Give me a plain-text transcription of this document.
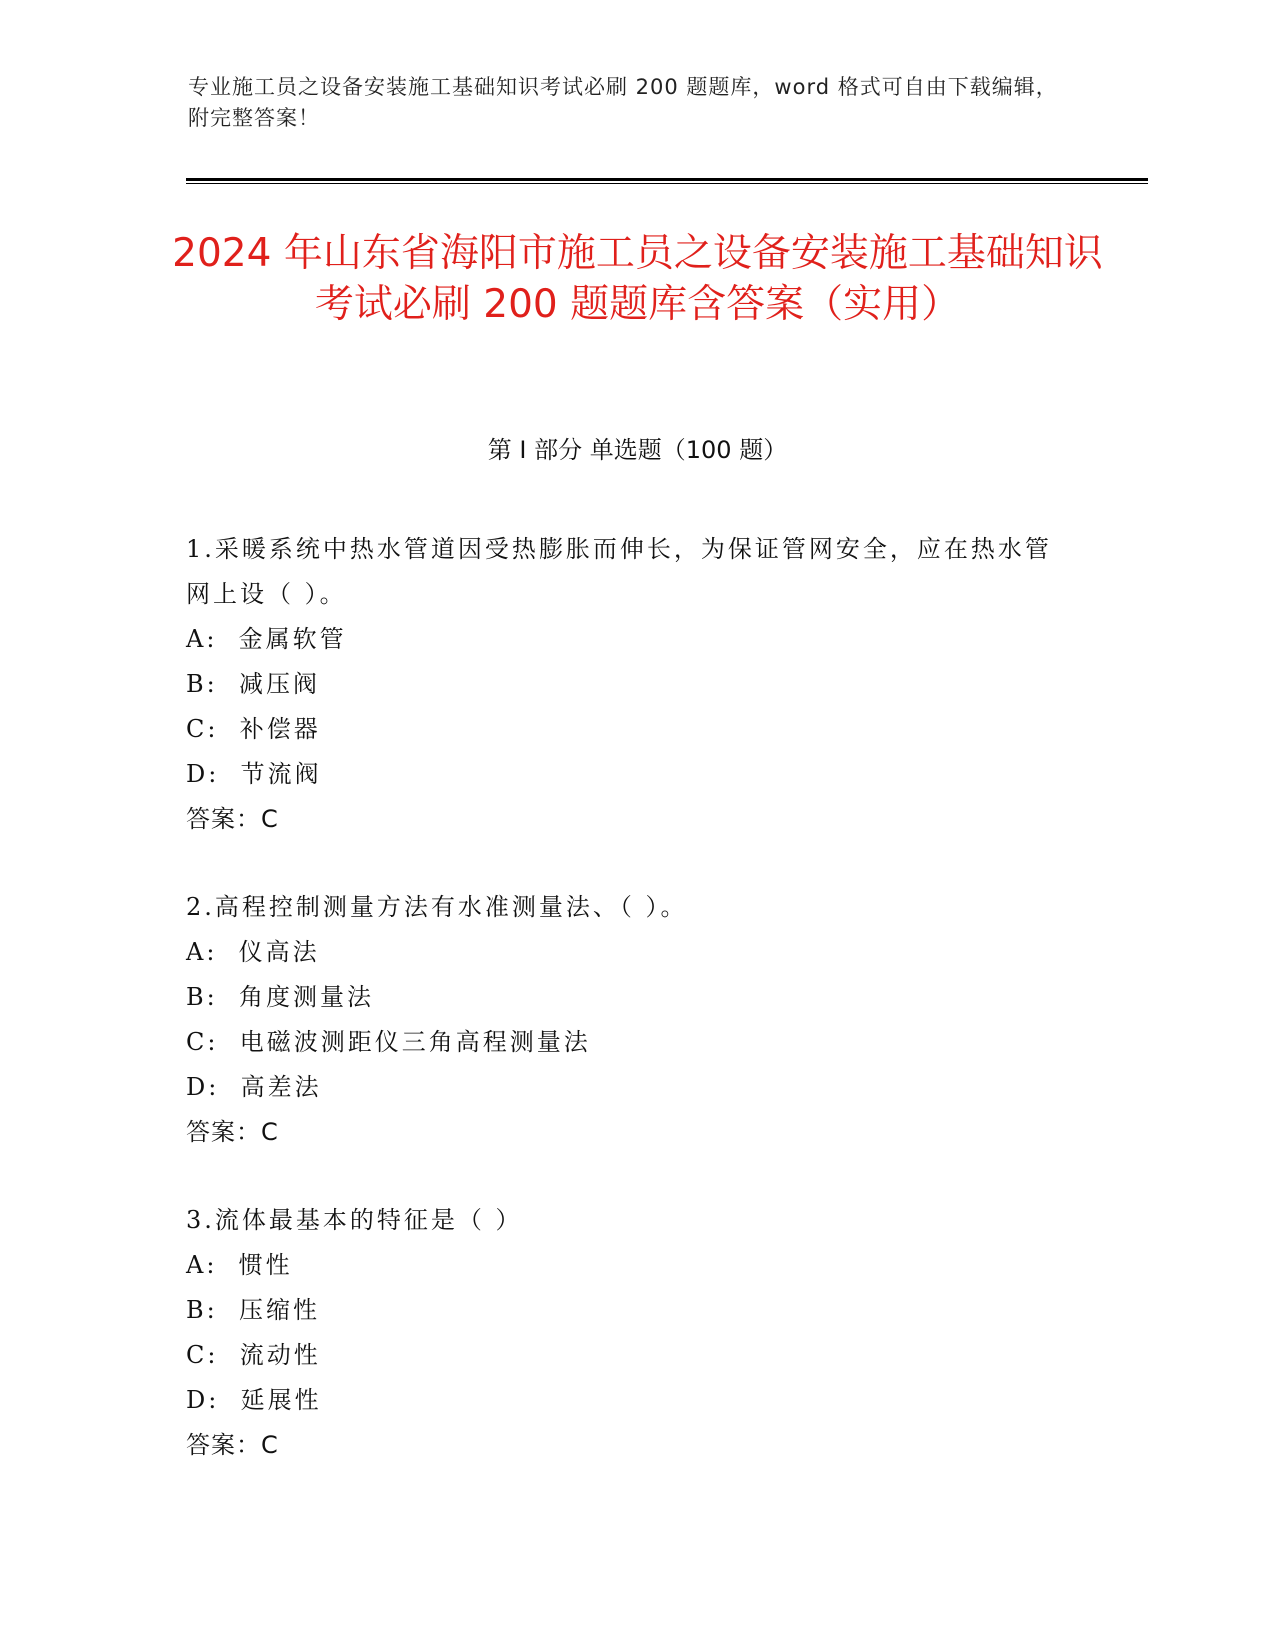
专业施工员之设备安装施工基础知识考试必刷 200 题题库，word 格式可自由下载编辑，附完整答案！
2024 年山东省海阳市施工员之设备安装施工基础知识考试必刷 200 题题库含答案（实用）
第 I 部分 单选题（100 题）

1.采暖系统中热水管道因受热膨胀而伸长，为保证管网安全，应在热水管网上设（ ）。

A:  金属软管

B:  减压阀

C:  补偿器

D:  节流阀

答案：C

2.高程控制测量方法有水准测量法、（ ）。

A:  仪高法

B:  角度测量法

C:  电磁波测距仪三角高程测量法

D:  高差法

答案：C

3.流体最基本的特征是（ ）

A:  惯性

B:  压缩性

C:  流动性

D:  延展性

答案：C
